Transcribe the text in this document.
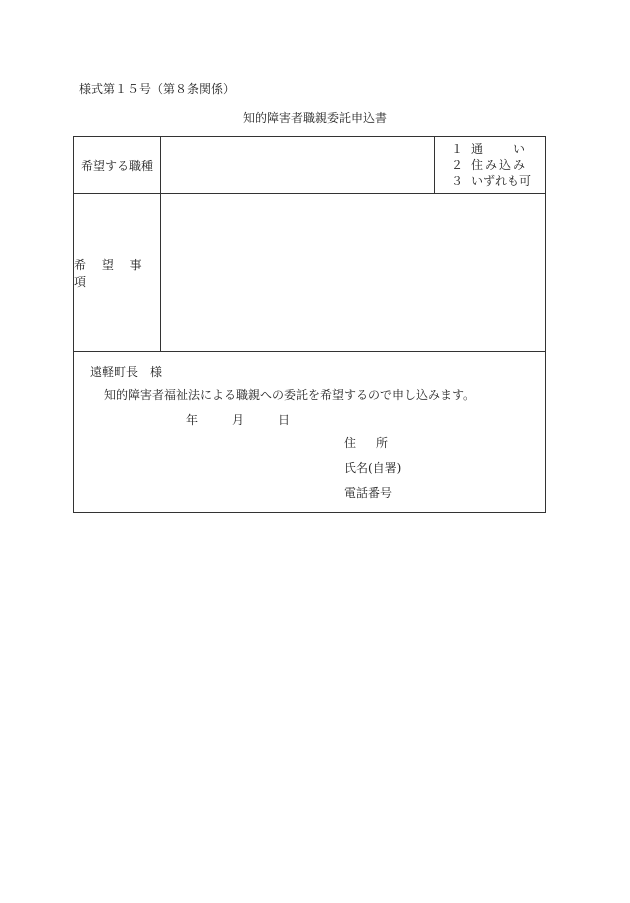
様式第１５号（第８条関係）
知的障害者職親委託申込書
希望する職種
１ 通　　い
２ 住み込み
３ いずれも可
希 望 事 項
遠軽町長　様
知的障害者福祉法による職親への委託を希望するので申し込みます。
年	月	日
住 所
氏名(自署)
電話番号
